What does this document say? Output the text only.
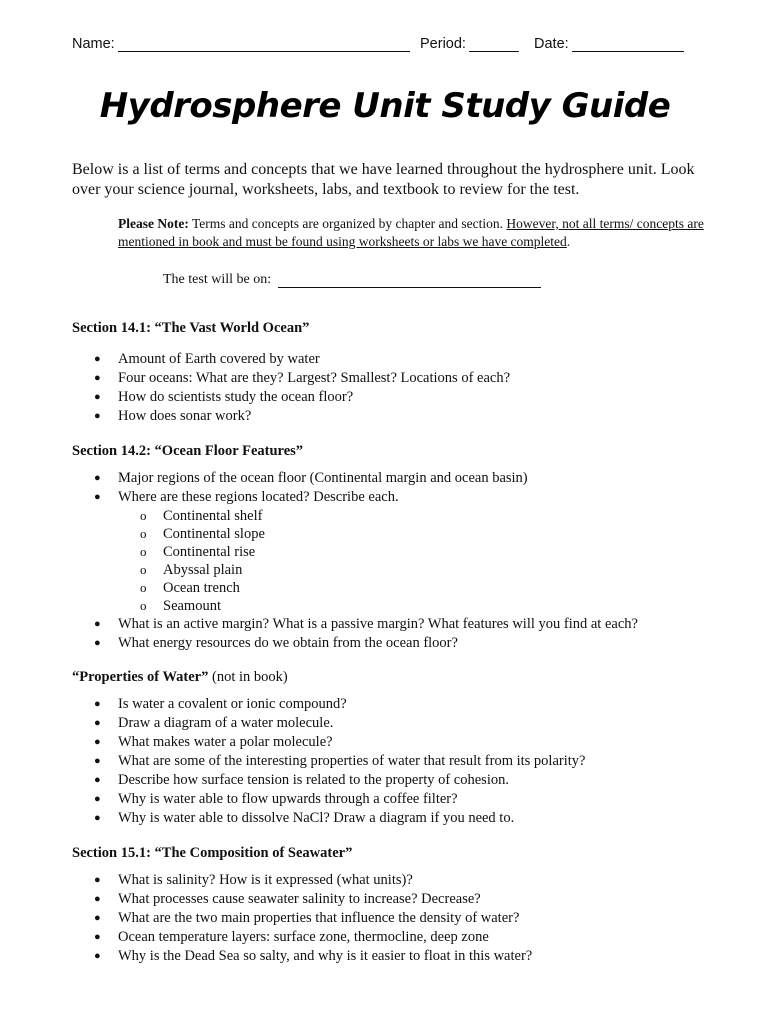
Name:	Period:	Date:
Hydrosphere Unit Study Guide

Below is a list of terms and concepts that we have learned throughout the hydrosphere unit. Look over your science journal, worksheets, labs, and textbook to review for the test.

Please Note: Terms and concepts are organized by chapter and section. However, not all terms/ concepts are mentioned in book and must be found using worksheets or labs we have completed.

The test will be on:
Section 14.1: “The Vast World Ocean”
● Amount of Earth covered by water
● Four oceans: What are they? Largest? Smallest? Locations of each?
● How do scientists study the ocean floor?
● How does sonar work?
Section 14.2: “Ocean Floor Features”
● Major regions of the ocean floor (Continental margin and ocean basin)
● Where are these regions located? Describe each.
o Continental shelf
o Continental slope
o Continental rise
o Abyssal plain
o Ocean trench
o Seamount
● What is an active margin? What is a passive margin? What features will you find at each?
● What energy resources do we obtain from the ocean floor?
“Properties of Water” (not in book)
● Is water a covalent or ionic compound?
● Draw a diagram of a water molecule.
● What makes water a polar molecule?
● What are some of the interesting properties of water that result from its polarity?
● Describe how surface tension is related to the property of cohesion.
● Why is water able to flow upwards through a coffee filter?
● Why is water able to dissolve NaCl? Draw a diagram if you need to.
Section 15.1: “The Composition of Seawater”
● What is salinity? How is it expressed (what units)?
● What processes cause seawater salinity to increase? Decrease?
● What are the two main properties that influence the density of water?
● Ocean temperature layers: surface zone, thermocline, deep zone
● Why is the Dead Sea so salty, and why is it easier to float in this water?
